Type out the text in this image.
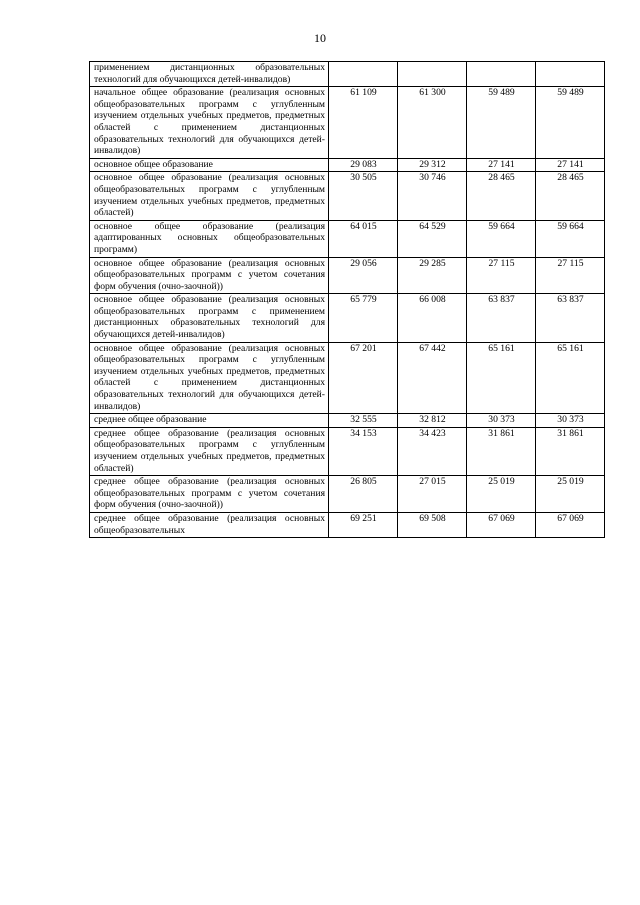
10
применением дистанционных образовательных технологий для обучающихся детей-инвалидов)				
начальное общее образование (реализация основных общеобразовательных программ с углубленным изучением отдельных учебных предметов, предметных областей с применением дистанционных образовательных технологий для обучающихся детей-инвалидов)	61 109	61 300	59 489	59 489
основное общее образование	29 083	29 312	27 141	27 141
основное общее образование (реализация основных общеобразовательных программ с углубленным изучением отдельных учебных предметов, предметных областей)	30 505	30 746	28 465	28 465
основное общее образование (реализация адаптированных основных общеобразовательных программ)	64 015	64 529	59 664	59 664
основное общее образование (реализация основных общеобразовательных программ с учетом сочетания форм обучения (очно-заочной))	29 056	29 285	27 115	27 115
основное общее образование (реализация основных общеобразовательных программ с применением дистанционных образовательных технологий для обучающихся детей-инвалидов)	65 779	66 008	63 837	63 837
основное общее образование (реализация основных общеобразовательных программ с углубленным изучением отдельных учебных предметов, предметных областей с применением дистанционных образовательных технологий для обучающихся детей-инвалидов)	67 201	67 442	65 161	65 161
среднее общее образование	32 555	32 812	30 373	30 373
среднее общее образование (реализация основных общеобразовательных программ с углубленным изучением отдельных учебных предметов, предметных областей)	34 153	34 423	31 861	31 861
среднее общее образование (реализация основных общеобразовательных программ с учетом сочетания форм обучения (очно-заочной))	26 805	27 015	25 019	25 019
среднее общее образование (реализация основных общеобразовательных	69 251	69 508	67 069	67 069
